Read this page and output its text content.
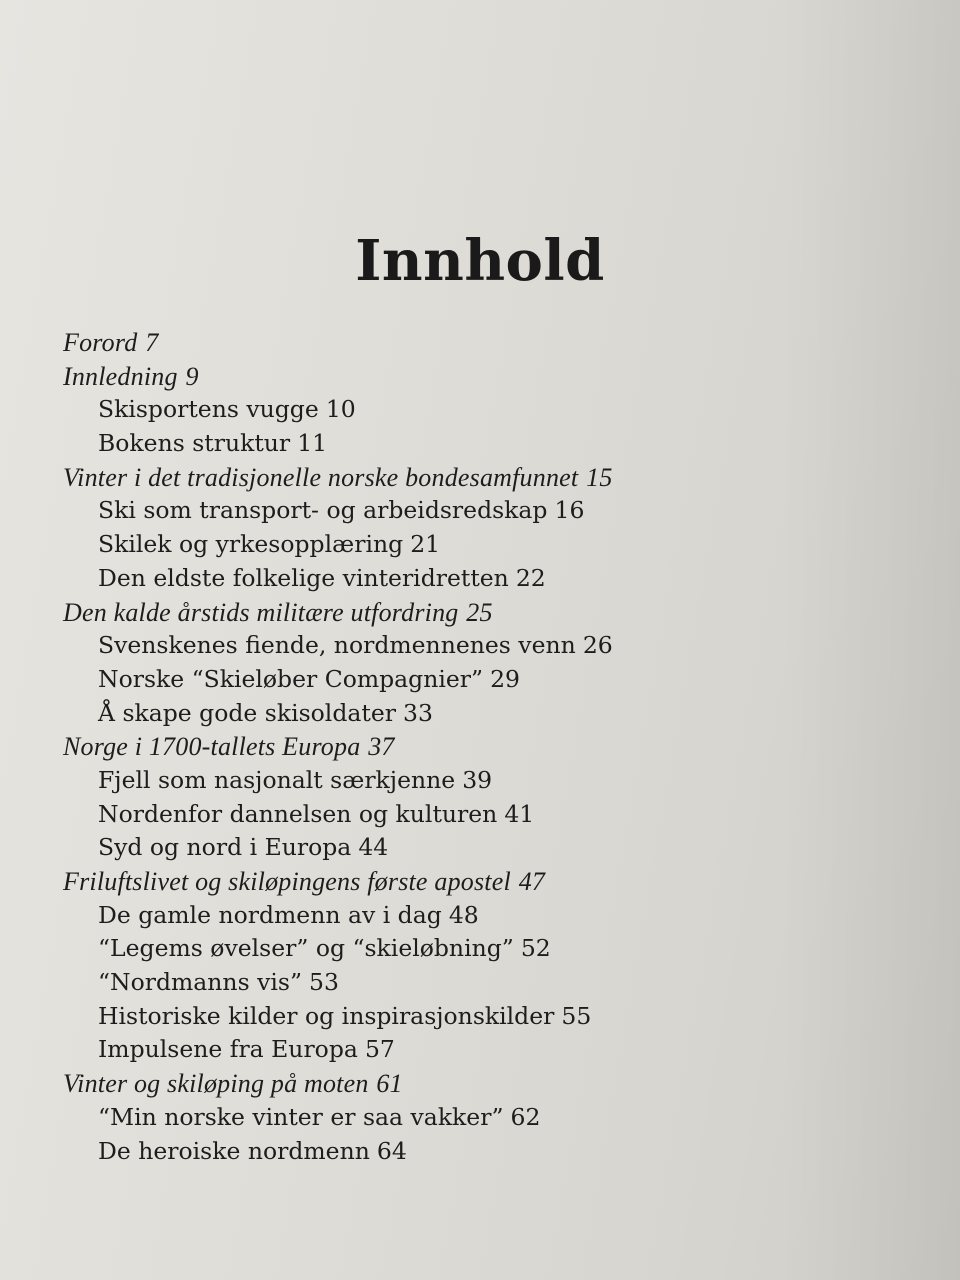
Innhold
Forord 7
Innledning 9
Skisportens vugge 10
Bokens struktur 11
Vinter i det tradisjonelle norske bondesamfunnet 15
Ski som transport- og arbeidsredskap 16
Skilek og yrkesopplæring 21
Den eldste folkelige vinteridretten 22
Den kalde årstids militære utfordring 25
Svenskenes fiende, nordmennenes venn 26
Norske “Skieløber Compagnier” 29
Å skape gode skisoldater 33
Norge i 1700-tallets Europa 37
Fjell som nasjonalt særkjenne 39
Nordenfor dannelsen og kulturen 41
Syd og nord i Europa 44
Friluftslivet og skiløpingens første apostel 47
De gamle nordmenn av i dag 48
“Legems øvelser” og “skieløbning” 52
“Nordmanns vis” 53
Historiske kilder og inspirasjonskilder 55
Impulsene fra Europa 57
Vinter og skiløping på moten 61
“Min norske vinter er saa vakker” 62
De heroiske nordmenn 64
